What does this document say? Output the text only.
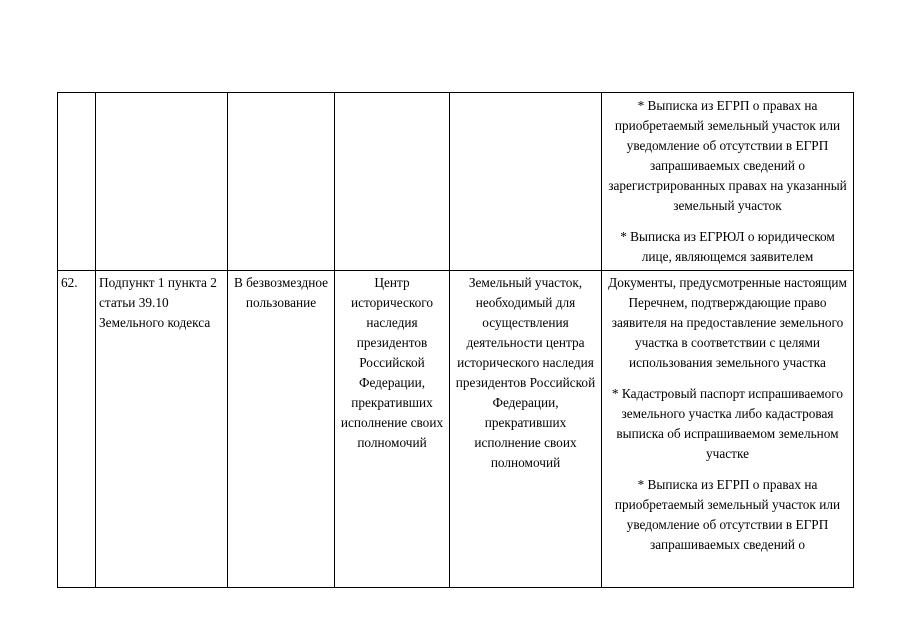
					* Выписка из ЕГРП о правах на приобретаемый земельный участок или уведомление об отсутствии в ЕГРП запрашиваемых сведений о зарегистрированных правах на указанный земельный участок

* Выписка из ЕГРЮЛ о юридическом лице, являющемся заявителем

62.	Подпункт 1 пункта 2 статьи 39.10 Земельного кодекса	В безвозмездное пользование	Центр исторического наследия президентов Российской Федерации, прекративших исполнение своих полномочий	Земельный участок, необходимый для осуществления деятельности центра исторического наследия президентов Российской Федерации, прекративших исполнение своих полномочий	Документы, предусмотренные настоящим Перечнем, подтверждающие право заявителя на предоставление земельного участка в соответствии с целями использования земельного участка

* Кадастровый паспорт испрашиваемого земельного участка либо кадастровая выписка об испрашиваемом земельном участке

* Выписка из ЕГРП о правах на приобретаемый земельный участок или уведомление об отсутствии в ЕГРП запрашиваемых сведений о
